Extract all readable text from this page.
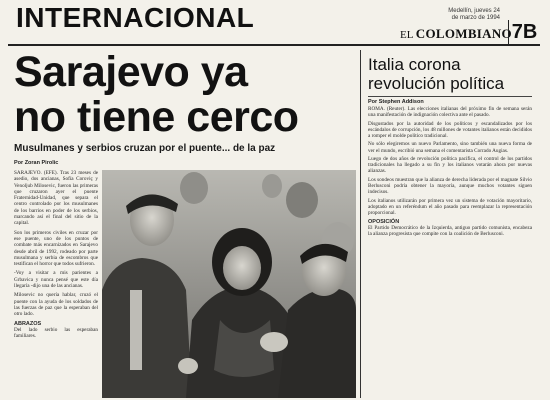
INTERNACIONAL	Medellín, jueves 24
de marzo de 1994
EL COLOMBIANO 7B
Sarajevo ya
no tiene cerco
Musulmanes y serbios cruzan por el puente... de la paz
Por Zoran Pirolic

SARAJEVO. (EFE). Tras 23 meses de asedio, dos ancianas, Sofía Coroviç y Venoljub Milosevic, fueron las primeras que cruzaron ayer el puente Fraternidad-Unidad, que separa el centro controlado por los musulmanes de los barrios en poder de los serbios, marcando así el final del sitio de la capital.

Son los primeros civiles en cruzar por ese puente, uno de los puntos de combate más encarnizados en Sarajevo desde abril de 1992, rodeado por parte musulmana y serbia de escombros que testifican el horror que todos sufrieron.

-Voy a visitar a mis parientes a Grbavica y nunca pensé que este día llegaría -dijo una de las ancianas.

Milosevic no quería hablar, cruzó el puente con la ayuda de los soldados de las fuerzas de paz que la esperaban del otro lado.

ABRAZOS

Del lado serbio las esperaban familiares.

Italia corona
revolución política
Por Stephen Addison

ROMA. (Reuter). Las elecciones italianas del próximo fin de semana serán una manifestación de indignación colectiva ante el pasado.

Disgustados por la autoridad de los políticos y escandalizados por los escándalos de corrupción, los 48 millones de votantes italianos están decididos a romper el molde político tradicional.

No sólo elegiremos un nuevo Parlamento, sino también una nueva forma de ver el mundo, escribió una semana el comentarista Corrado Augias.

Luego de dos años de revolución política pacífica, el control de los partidos tradicionales ha llegado a su fin y los italianos votarán ahora por nuevas alianzas.

Los sondeos muestran que la alianza de derecha liderada por el magnate Silvio Berlusconi podría obtener la mayoría, aunque muchos votantes siguen indecisos.

Los italianos utilizarán por primera vez un sistema de votación mayoritario, adoptado en un referéndum el año pasado para reemplazar la representación proporcional.

OPOSICIÓN

El Partido Democrático de la Izquierda, antiguo partido comunista, encabeza la alianza progresista que compite con la coalición de Berlusconi.
